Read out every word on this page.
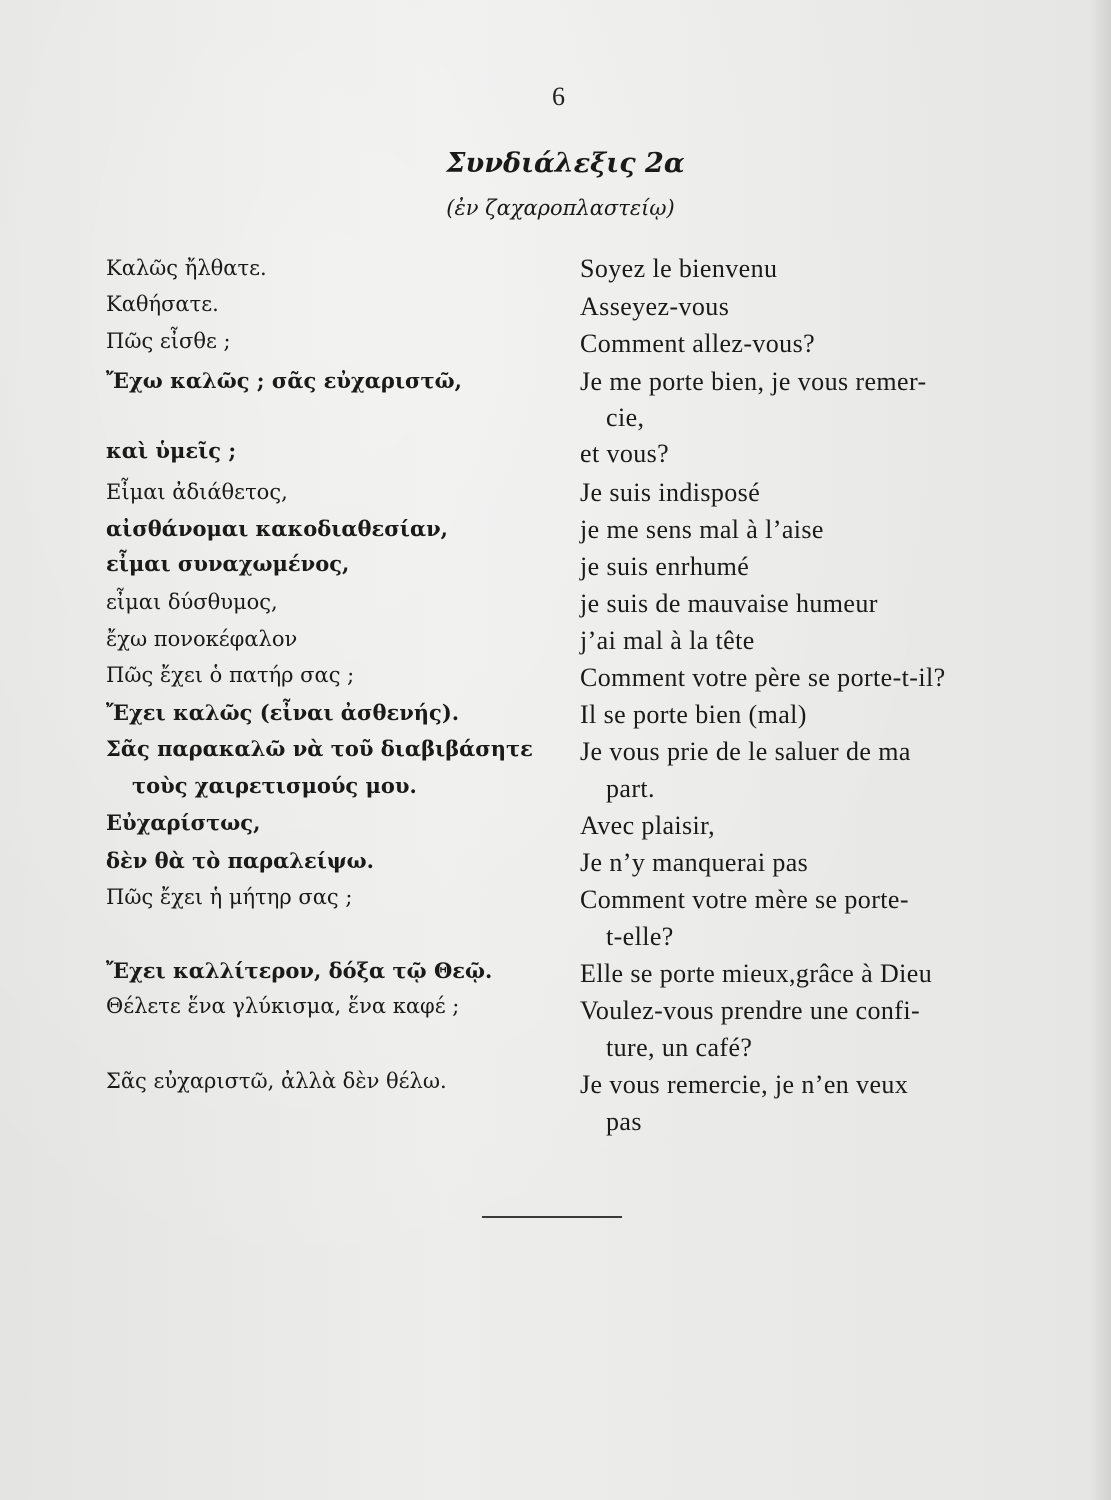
6
Συνδιάλεξις 2α
(ἐν ζαχαροπλαστείῳ)
Καλῶς ἤλθατε.
Καθήσατε.
Πῶς εἶσθε ;
Ἔχω καλῶς ; σᾶς εὐχαριστῶ,
καὶ ὑμεῖς ;
Εἶμαι ἀδιάθετος,
αἰσθάνομαι κακοδιαθεσίαν,
εἶμαι συναχωμένος,
εἶμαι δύσθυμος,
ἔχω πονοκέφαλον
Πῶς ἔχει ὁ πατήρ σας ;
Ἔχει καλῶς (εἶναι ἀσθενής).
Σᾶς παρακαλῶ νὰ τοῦ διαβιβάσητε
τοὺς χαιρετισμούς μου.
Εὐχαρίστως,
δὲν θὰ τὸ παραλείψω.
Πῶς ἔχει ἡ μήτηρ σας ;
Ἔχει καλλίτερον, δόξα τῷ Θεῷ.
Θέλετε ἕνα γλύκισμα, ἕνα καφέ ;
Σᾶς εὐχαριστῶ, ἀλλὰ δὲν θέλω.
Soyez le bienvenu
Asseyez-vous
Comment allez-vous?
Je me porte bien, je vous remer-
cie,
et vous?
Je suis indisposé
je me sens mal à l’aise
je suis enrhumé
je suis de mauvaise humeur
j’ai mal à la tête
Comment votre père se porte-t-il?
Il se porte bien (mal)
Je vous prie de le saluer de ma
part.
Avec plaisir,
Je n’y manquerai pas
Comment votre mère se porte-
t-elle?
Elle se porte mieux,grâce à Dieu
Voulez-vous prendre une confi-
ture, un café?
Je vous remercie, je n’en veux
pas
